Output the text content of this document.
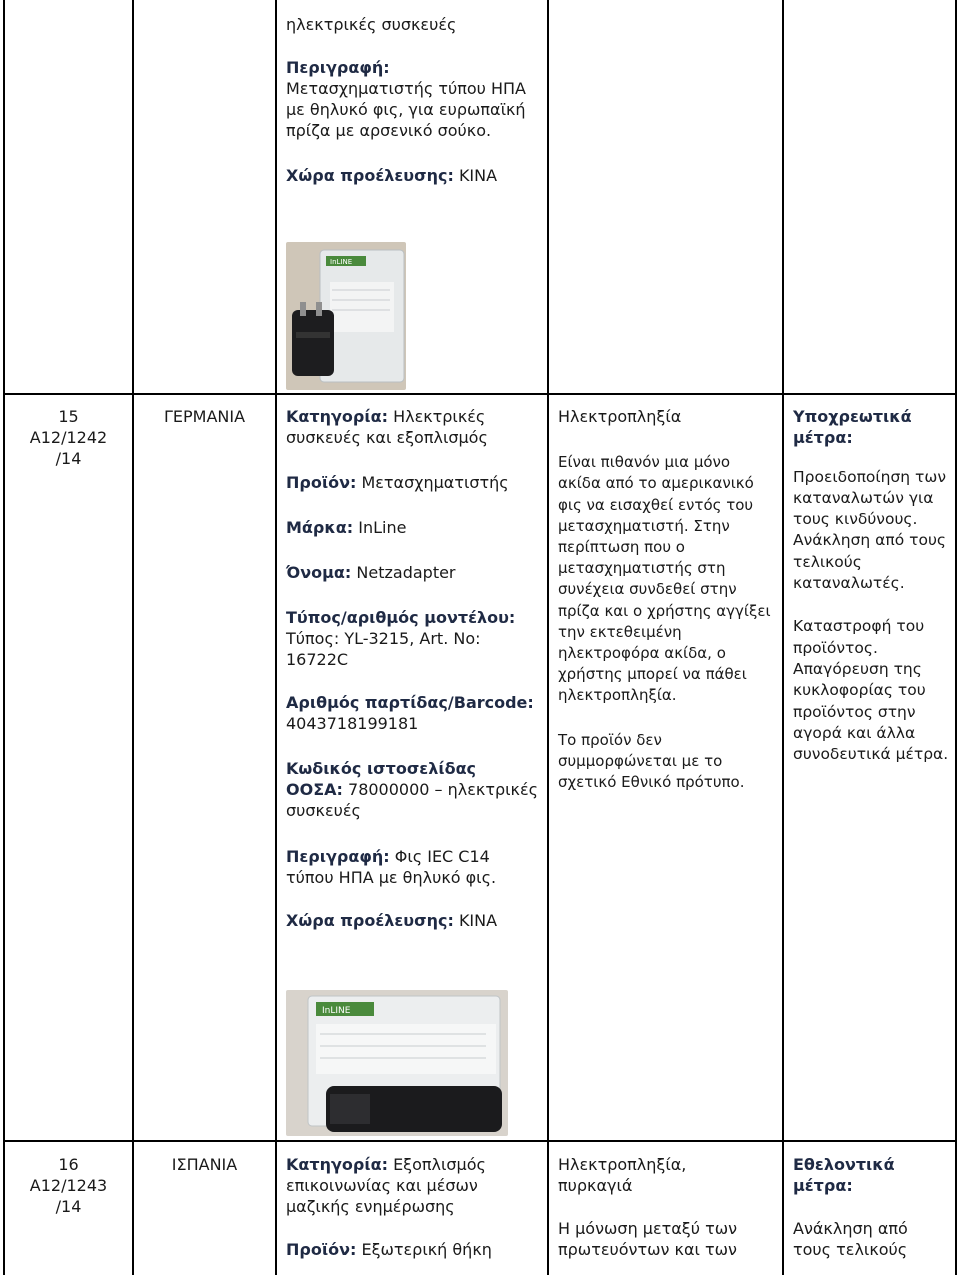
ηλεκτρικές συσκευές

Περιγραφή:
Μετασχηματιστής τύπου ΗΠΑ με θηλυκό φις, για ευρωπαϊκή πρίζα με αρσενικό σούκο.

Χώρα προέλευσης: ΚΙΝΑ

InLINE

15

A12/1242

/14

ΓΕΡΜΑΝΙΑ	Κατηγορία: Ηλεκτρικές συσκευές και εξοπλισμός

Προϊόν: Μετασχηματιστής

Μάρκα: InLine

Όνομα: Netzadapter

Τύπος/αριθμός μοντέλου:
Τύπος: YL-3215, Art. No: 16722C

Αριθμός παρτίδας/Barcode:
4043718199181

Κωδικός ιστοσελίδας ΟΟΣΑ: 78000000 – ηλεκτρικές συσκευές

Περιγραφή: Φις IEC C14 τύπου ΗΠΑ με θηλυκό φις.

Χώρα προέλευσης: ΚΙΝΑ

InLINE

Ηλεκτροπληξία

Είναι πιθανόν μια μόνο ακίδα από το αμερικανικό φις να εισαχθεί εντός του μετασχηματιστή. Στην περίπτωση που ο μετασχηματιστής στη συνέχεια συνδεθεί στην πρίζα και ο χρήστης αγγίξει την εκτεθειμένη ηλεκτροφόρα ακίδα, ο χρήστης μπορεί να πάθει ηλεκτροπληξία.

Το προϊόν δεν συμμορφώνεται με το σχετικό Εθνικό πρότυπο.

Υποχρεωτικά μέτρα:

Προειδοποίηση των καταναλωτών για τους κινδύνους. Ανάκληση από τους τελικούς καταναλωτές.

Καταστροφή του προϊόντος. Απαγόρευση της κυκλοφορίας του προϊόντος στην αγορά και άλλα συνοδευτικά μέτρα.

16

A12/1243

/14

ΙΣΠΑΝΙΑ	Κατηγορία: Εξοπλισμός επικοινωνίας και μέσων μαζικής ενημέρωσης

Προϊόν: Εξωτερική θήκη

Ηλεκτροπληξία, πυρκαγιά

Η μόνωση μεταξύ των πρωτευόντων και των

Εθελοντικά μέτρα:

Ανάκληση από τους τελικούς
